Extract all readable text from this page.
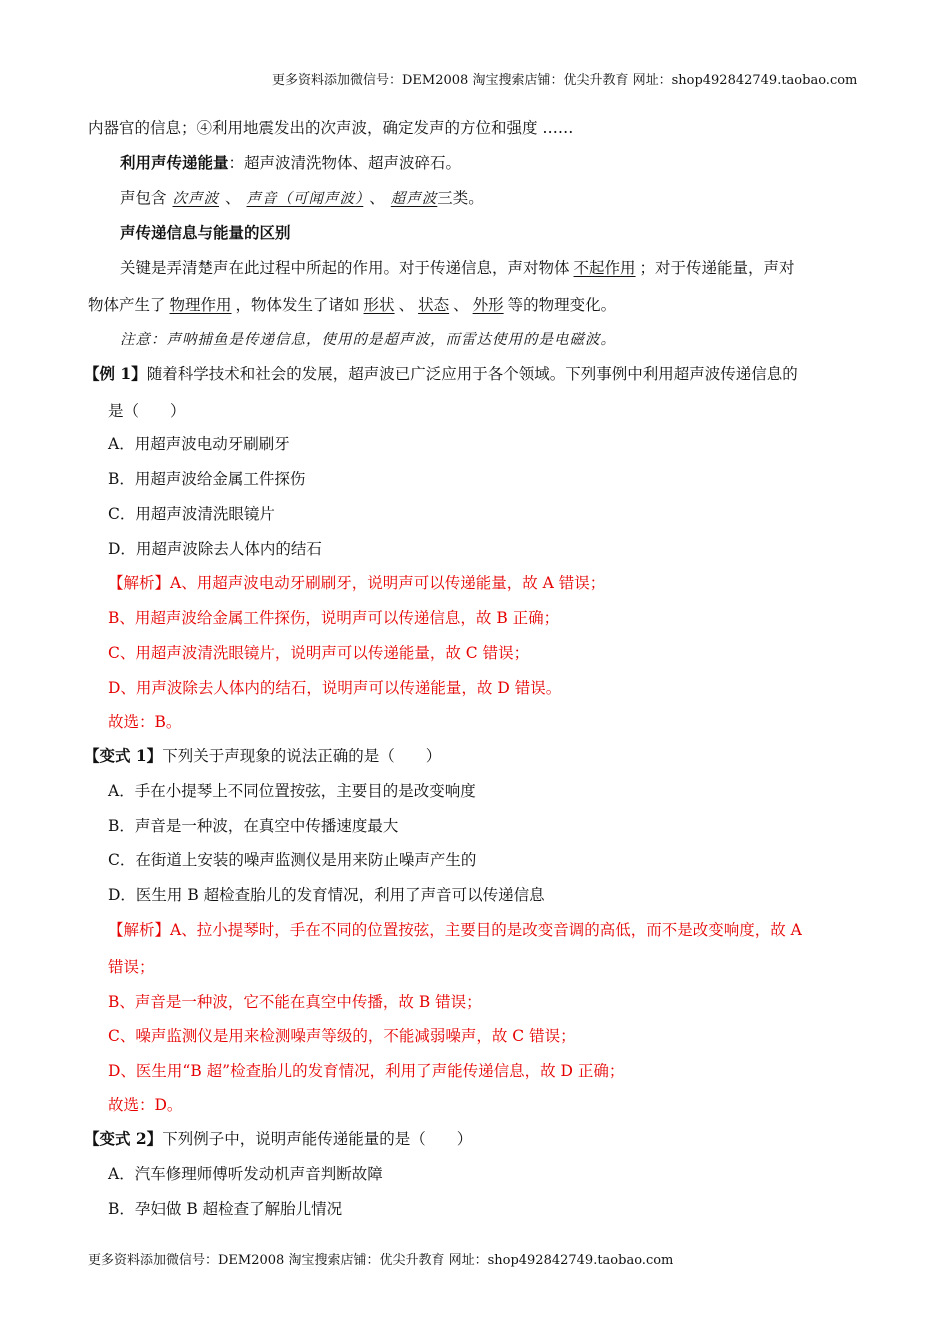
更多资料添加微信号：DEM2008 淘宝搜索店铺：优尖升教育 网址：shop492842749.taobao.com
内器官的信息；④利用地震发出的次声波，确定发声的方位和强度 ……
利用声传递能量：超声波清洗物体、超声波碎石。
声包含 次声波 、 声音（可闻声波） 、 超声波三类。
声传递信息与能量的区别
关键是弄清楚声在此过程中所起的作用。对于传递信息，声对物体 不起作用 ；对于传递能量，声对
物体产生了 物理作用 ，物体发生了诸如 形状 、 状态 、 外形 等的物理变化。
注意：声呐捕鱼是传递信息，使用的是超声波，而雷达使用的是电磁波。
【例 1】随着科学技术和社会的发展，超声波已广泛应用于各个领域。下列事例中利用超声波传递信息的
是（　　）
A．用超声波电动牙刷刷牙
B．用超声波给金属工件探伤
C．用超声波清洗眼镜片
D．用超声波除去人体内的结石
【解析】A、用超声波电动牙刷刷牙，说明声可以传递能量，故 A 错误；
B、用超声波给金属工件探伤，说明声可以传递信息，故 B 正确；
C、用超声波清洗眼镜片，说明声可以传递能量，故 C 错误；
D、用声波除去人体内的结石，说明声可以传递能量，故 D 错误。
故选：B。
【变式 1】下列关于声现象的说法正确的是（　　）
A．手在小提琴上不同位置按弦，主要目的是改变响度
B．声音是一种波，在真空中传播速度最大
C．在街道上安装的噪声监测仪是用来防止噪声产生的
D．医生用 B 超检查胎儿的发育情况，利用了声音可以传递信息
【解析】A、拉小提琴时，手在不同的位置按弦，主要目的是改变音调的高低，而不是改变响度，故 A
错误；
B、声音是一种波，它不能在真空中传播，故 B 错误；
C、噪声监测仪是用来检测噪声等级的，不能减弱噪声，故 C 错误；
D、医生用“B 超”检查胎儿的发育情况，利用了声能传递信息，故 D 正确；
故选：D。
【变式 2】下列例子中，说明声能传递能量的是（　　）
A．汽车修理师傅听发动机声音判断故障
B．孕妇做 B 超检查了解胎儿情况
更多资料添加微信号：DEM2008 淘宝搜索店铺：优尖升教育 网址：shop492842749.taobao.com
